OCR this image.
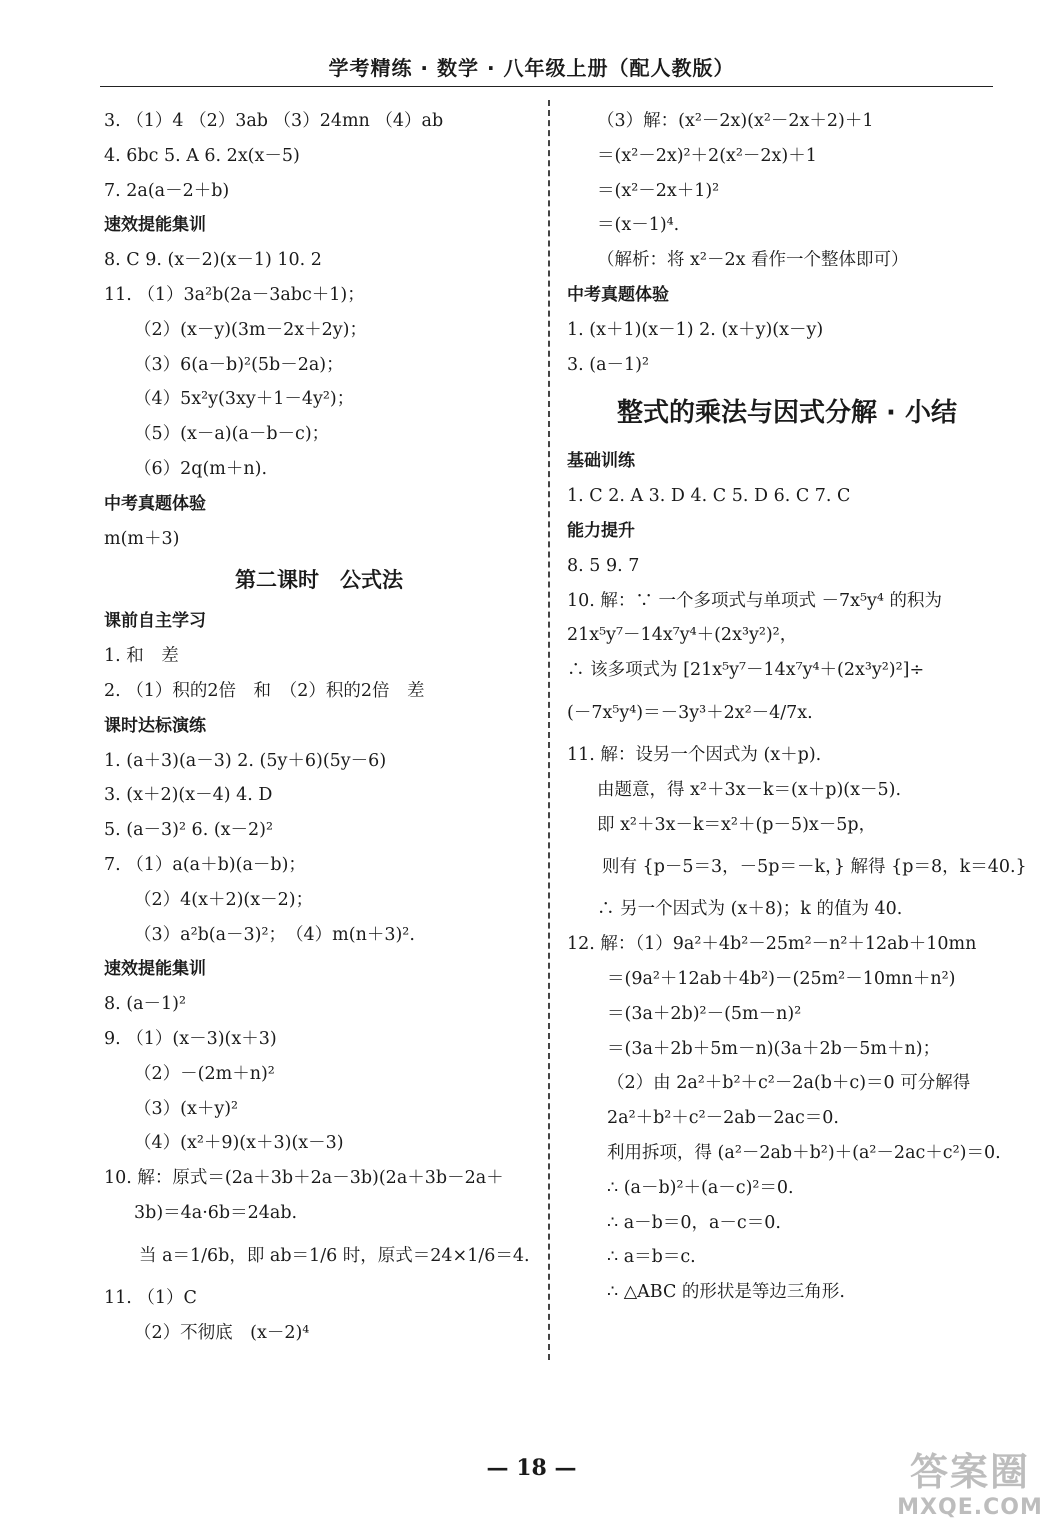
学考精练 · 数学 · 八年级上册（配人教版）
3. （1）4 （2）3ab （3）24mn （4）ab
4. 6bc 5. A 6. 2x(x－5)
7. 2a(a－2＋b)
速效提能集训
8. C 9. (x－2)(x－1) 10. 2
11. （1）3a²b(2a－3abc＋1)；
（2）(x－y)(3m－2x＋2y)；
（3）6(a－b)²(5b－2a)；
（4）5x²y(3xy＋1－4y²)；
（5）(x－a)(a－b－c)；
（6）2q(m＋n).
中考真题体验
m(m＋3)
第二课时　公式法
课前自主学习
1. 和　差
2. （1）积的2倍　和　（2）积的2倍　差
课时达标演练
1. (a＋3)(a－3) 2. (5y＋6)(5y－6)
3. (x＋2)(x－4) 4. D
5. (a－3)² 6. (x－2)²
7. （1）a(a＋b)(a－b)；
（2）4(x＋2)(x－2)；
（3）a²b(a－3)²；　（4）m(n＋3)².
速效提能集训
8. (a－1)²
9. （1）(x－3)(x＋3)
（2）－(2m＋n)²
（3）(x＋y)²
（4）(x²＋9)(x＋3)(x－3)
10. 解：原式＝(2a＋3b＋2a－3b)(2a＋3b－2a＋
3b)＝4a·6b＝24ab.
　　当 a＝1/6b，即 ab＝1/6 时，原式＝24×1/6＝4.
11. （1）C
（2）不彻底　(x－2)⁴
（3）解：(x²－2x)(x²－2x＋2)＋1
＝(x²－2x)²＋2(x²－2x)＋1
＝(x²－2x＋1)²
＝(x－1)⁴.
（解析：将 x²－2x 看作一个整体即可）
中考真题体验
1. (x＋1)(x－1) 2. (x＋y)(x－y)
3. (a－1)²
整式的乘法与因式分解 · 小结
基础训练
1. C 2. A 3. D 4. C 5. D 6. C 7. C
能力提升
8. 5 9. 7
10. 解：∵ 一个多项式与单项式 －7x⁵y⁴ 的积为
21x⁵y⁷－14x⁷y⁴＋(2x³y²)²，
∴ 该多项式为 [21x⁵y⁷－14x⁷y⁴＋(2x³y²)²]÷
(－7x⁵y⁴)＝－3y³＋2x²－4/7x.
11. 解：设另一个因式为 (x＋p).
由题意，得 x²＋3x－k＝(x＋p)(x－5).
即 x²＋3x－k＝x²＋(p－5)x－5p，
　　则有 {p－5＝3，－5p＝－k，} 解得 {p＝8，k＝40.}
∴ 另一个因式为 (x＋8)；k 的值为 40.
12. 解：（1）9a²＋4b²－25m²－n²＋12ab＋10mn
＝(9a²＋12ab＋4b²)－(25m²－10mn＋n²)
＝(3a＋2b)²－(5m－n)²
＝(3a＋2b＋5m－n)(3a＋2b－5m＋n)；
（2）由 2a²＋b²＋c²－2a(b＋c)＝0 可分解得
2a²＋b²＋c²－2ab－2ac＝0.
利用拆项，得 (a²－2ab＋b²)＋(a²－2ac＋c²)＝0.
∴ (a－b)²＋(a－c)²＝0.
∴ a－b＝0，a－c＝0.
∴ a＝b＝c.
∴ △ABC 的形状是等边三角形.
— 18 —	答案圈
MXQE.COM
